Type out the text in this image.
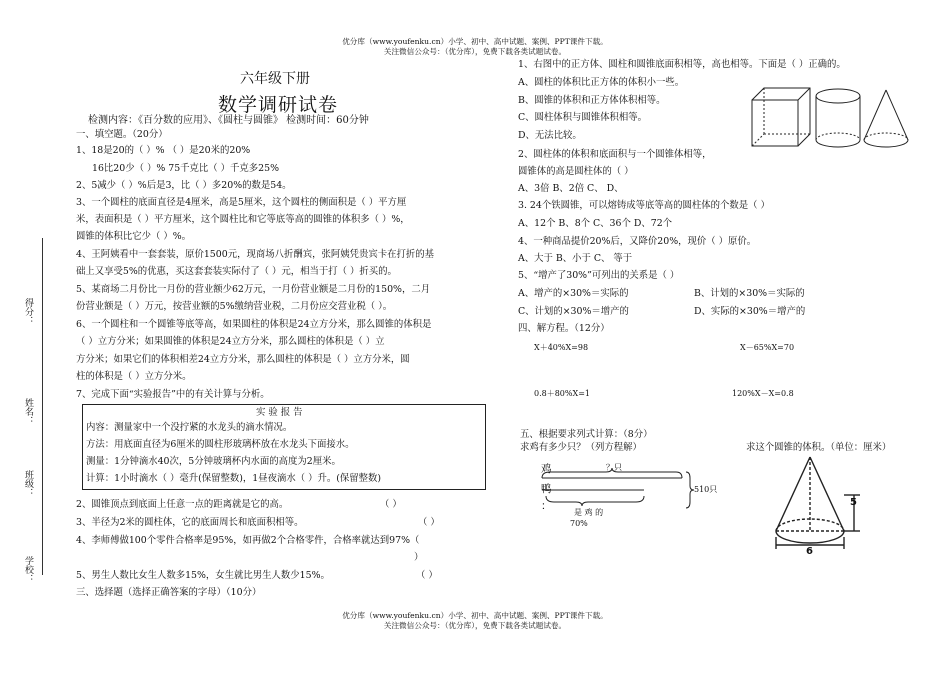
优分库（www.youfenku.cn）小学、初中、高中试题、案例、PPT课件下载。
关注微信公众号：（优分库），免费下载各类试题试卷。
优分库（www.youfenku.cn）小学、初中、高中试题、案例、PPT课件下载。
关注微信公众号：（优分库），免费下载各类试题试卷。
得分：
姓名：
班级：
学校：
六年级下册
数学调研试卷
检测内容：《百分数的应用》、《圆柱与圆锥》 检测时间：60分钟
一、填空题。（20分）
1、18是20的（ ）% （ ）是20米的20%
16比20少（ ）% 75千克比（ ）千克多25%
2、5减少（ ）%后是3，比（ ）多20%的数是54。
3、一个圆柱的底面直径是4厘米，高是5厘米，这个圆柱的侧面积是（ ）平方厘
米，表面积是（ ）平方厘米，这个圆柱比和它等底等高的圆锥的体积多（ ）%，
圆锥的体积比它少（ ）%。
4、王阿姨看中一套套装，原价1500元，现商场八折酬宾，张阿姨凭贵宾卡在打折的基
础上又享受5%的优惠，买这套套装实际付了（ ）元，相当于打（ ）折买的。
5、某商场二月份比一月份的营业额少62万元，一月份营业额是二月份的150%，二月
份营业额是（ ）万元，按营业额的5%缴纳营业税，二月份应交营业税（ ）。
6、一个圆柱和一个圆锥等底等高，如果圆柱的体积是24立方分米，那么圆锥的体积是
（ ）立方分米；如果圆锥的体积是24立方分米，那么圆柱的体积是（ ）立
方分米；如果它们的体积相差24立方分米，那么圆柱的体积是（ ）立方分米，圆
柱的体积是（ ）立方分米。
7、完成下面“实验报告”中的有关计算与分析。
实 验 报 告
内容：测量家中一个没拧紧的水龙头的滴水情况。
方法：用底面直径为6厘米的圆柱形玻璃杯放在水龙头下面接水。
测量：1分钟滴水40次，5分钟玻璃杯内水面的高度为2厘米。
计算：1小时滴水（ ）毫升(保留整数)，1昼夜滴水（ ）升。(保留整数)
2、圆锥顶点到底面上任意一点的距离就是它的高。	（ ）
3、半径为2米的圆柱体，它的底面周长和底面积相等。	（ ）
4、李师傅做100个零件合格率是95%，如再做2个合格零件，合格率就达到97%（
）
5、男生人数比女生人数多15%，女生就比男生人数少15%。	（ ）
三、选择题（选择正确答案的字母）（10分）
1、右图中的正方体、圆柱和圆锥底面积相等，高也相等。下面是（ ）正确的。
A、圆柱的体积比正方体的体积小一些。
B、圆锥的体积和正方体体积相等。
C、圆柱体积与圆锥体积相等。
D、无法比较。
2、圆柱体的体积和底面积与一个圆锥体相等，
圆锥体的高是圆柱体的（ ）
A、3倍 B、2倍 C、 D、
3. 24个铁圆锥，可以熔铸成等底等高的圆柱体的个数是（ ）
A、12个 B、8个 C、36个 D、72个
4、一种商品提价20%后，又降价20%，现价（ ）原价。
A、大于 B、小于 C、 等于
5、“增产了30%”可列出的关系是（ ）
A、增产的×30%＝实际的	B、计划的×30%＝实际的
C、计划的×30%＝增产的	D、实际的×30%＝增产的
四、解方程。（12分）
X＋40%X=98	X－65%X=70
0.8＋80%X=1	120%X－X=0.8
五、根据要求列式计算：（8分）
求鸡有多少只？（列方程解）	求这个圆锥的体积。（单位：厘米）
鸡
鸭
：
？只
510只
是 鸡 的
70%
5
6
